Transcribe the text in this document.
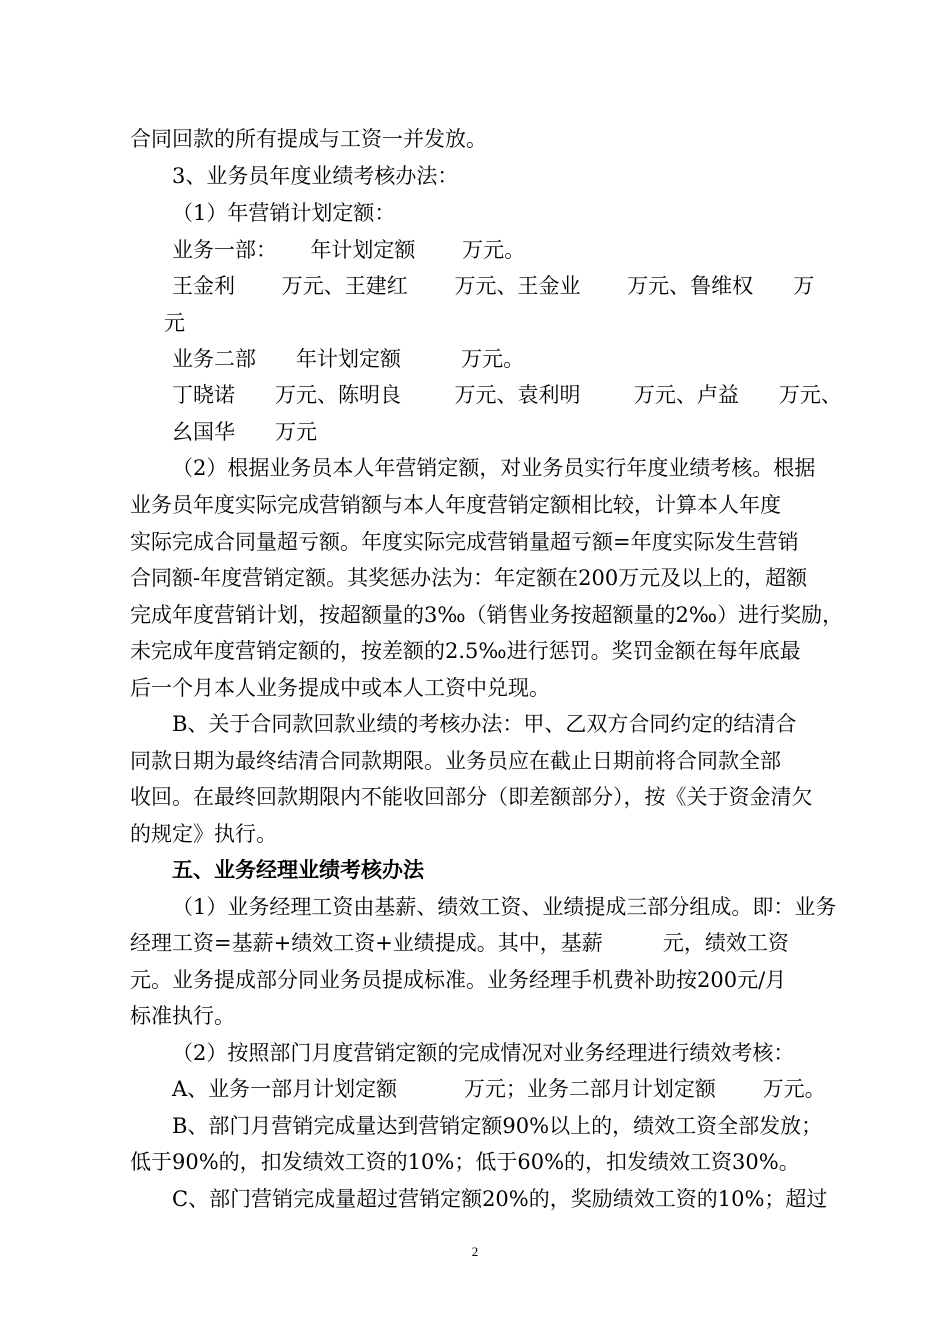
合同回款的所有提成与工资一并发放。
3、业务员年度业绩考核办法：
（1）年营销计划定额：
业务一部：     年计划定额       万元。
王金利       万元、王建红       万元、王金业       万元、鲁维权      万
元
业务二部      年计划定额         万元。
丁晓诺      万元、陈明良        万元、袁利明        万元、卢益      万元、
幺国华      万元
（2）根据业务员本人年营销定额，对业务员实行年度业绩考核。根据
业务员年度实际完成营销额与本人年度营销定额相比较，计算本人年度
实际完成合同量超亏额。年度实际完成营销量超亏额=年度实际发生营销
合同额-年度营销定额。其奖惩办法为：年定额在200万元及以上的，超额
完成年度营销计划，按超额量的3‰（销售业务按超额量的2‰）进行奖励，
未完成年度营销定额的，按差额的2.5‰进行惩罚。奖罚金额在每年底最
后一个月本人业务提成中或本人工资中兑现。
B、关于合同款回款业绩的考核办法：甲、乙双方合同约定的结清合
同款日期为最终结清合同款期限。业务员应在截止日期前将合同款全部
收回。在最终回款期限内不能收回部分（即差额部分），按《关于资金清欠
的规定》执行。
五、业务经理业绩考核办法
（1）业务经理工资由基薪、绩效工资、业绩提成三部分组成。即：业务
经理工资=基薪+绩效工资+业绩提成。其中，基薪         元，绩效工资
元。业务提成部分同业务员提成标准。业务经理手机费补助按200元/月
标准执行。
（2）按照部门月度营销定额的完成情况对业务经理进行绩效考核：
A、业务一部月计划定额          万元；业务二部月计划定额       万元。
B、部门月营销完成量达到营销定额90%以上的，绩效工资全部发放；
低于90%的，扣发绩效工资的10%；低于60%的，扣发绩效工资30%。
C、部门营销完成量超过营销定额20%的，奖励绩效工资的10%；超过
2
